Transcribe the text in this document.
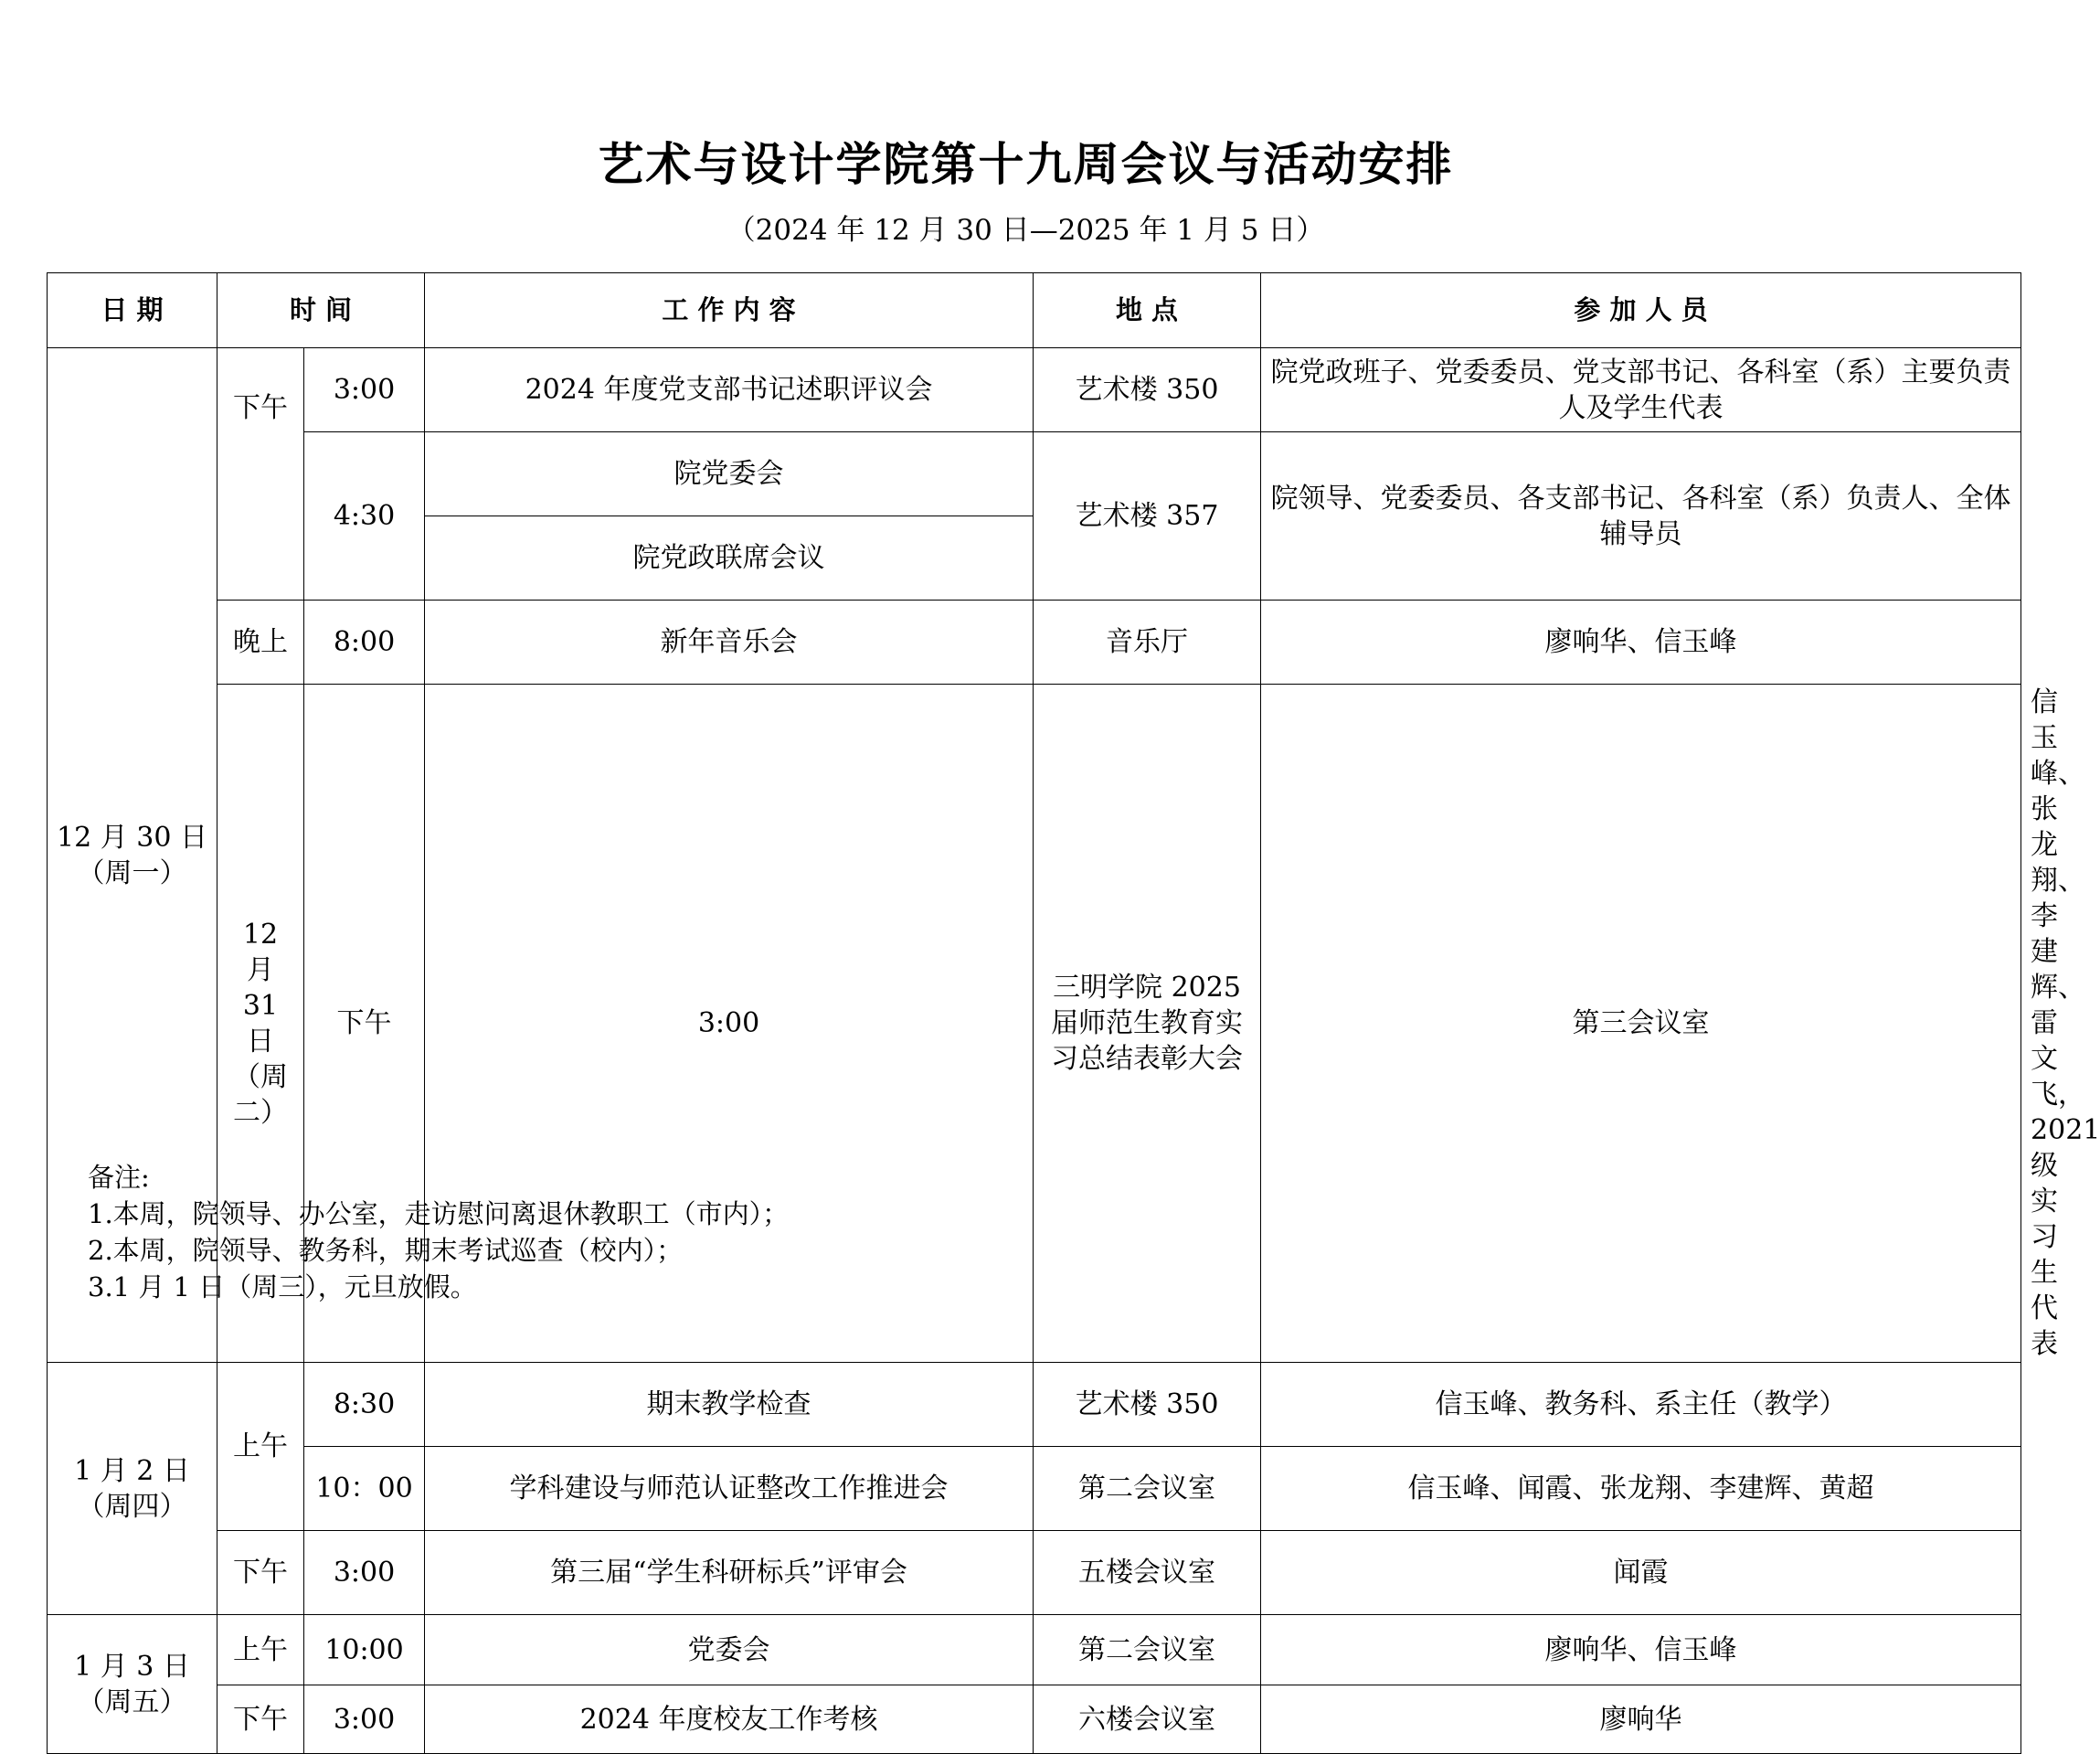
艺术与设计学院第十九周会议与活动安排
（2024 年 12 月 30 日—2025 年 1 月 5 日）
日 期	时 间		工 作 内 容	地 点	参 加 人 员	

12 月 30 日
（周一）	下午	3:00	2024 年度党支部书记述职评议会	艺术楼 350	院党政班子、党委委员、党支部书记、各科室（系）主要负责人及学生代表	
		4:30	院党委会	艺术楼 357	院领导、党委委员、各支部书记、各科室（系）负责人、全体辅导员	
			院党政联席会议			
	晚上	8:00	新年音乐会	音乐厅	廖响华、信玉峰	

	12 月 31 日
（周二）	下午	3:00	三明学院 2025 届师范生教育实习总结表彰大会	第三会议室	信玉峰、张龙翔、李建辉、雷文飞，2021 级实习生代表

1 月 2 日
（周四）	上午	8:30	期末教学检查	艺术楼 350	信玉峰、教务科、系主任（教学）	
		10：00	学科建设与师范认证整改工作推进会	第二会议室	信玉峰、闻霞、张龙翔、李建辉、黄超	
	下午	3:00	第三届“学生科研标兵”评审会	五楼会议室	闻霞	

1 月 3 日
（周五）	上午	10:00	党委会	第二会议室	廖响华、信玉峰	
	下午	3:00	2024 年度校友工作考核	六楼会议室	廖响华	
备注:
1.本周，院领导、办公室，走访慰问离退休教职工（市内）；
2.本周，院领导、教务科，期末考试巡查（校内）；
3.1 月 1 日（周三），元旦放假。
